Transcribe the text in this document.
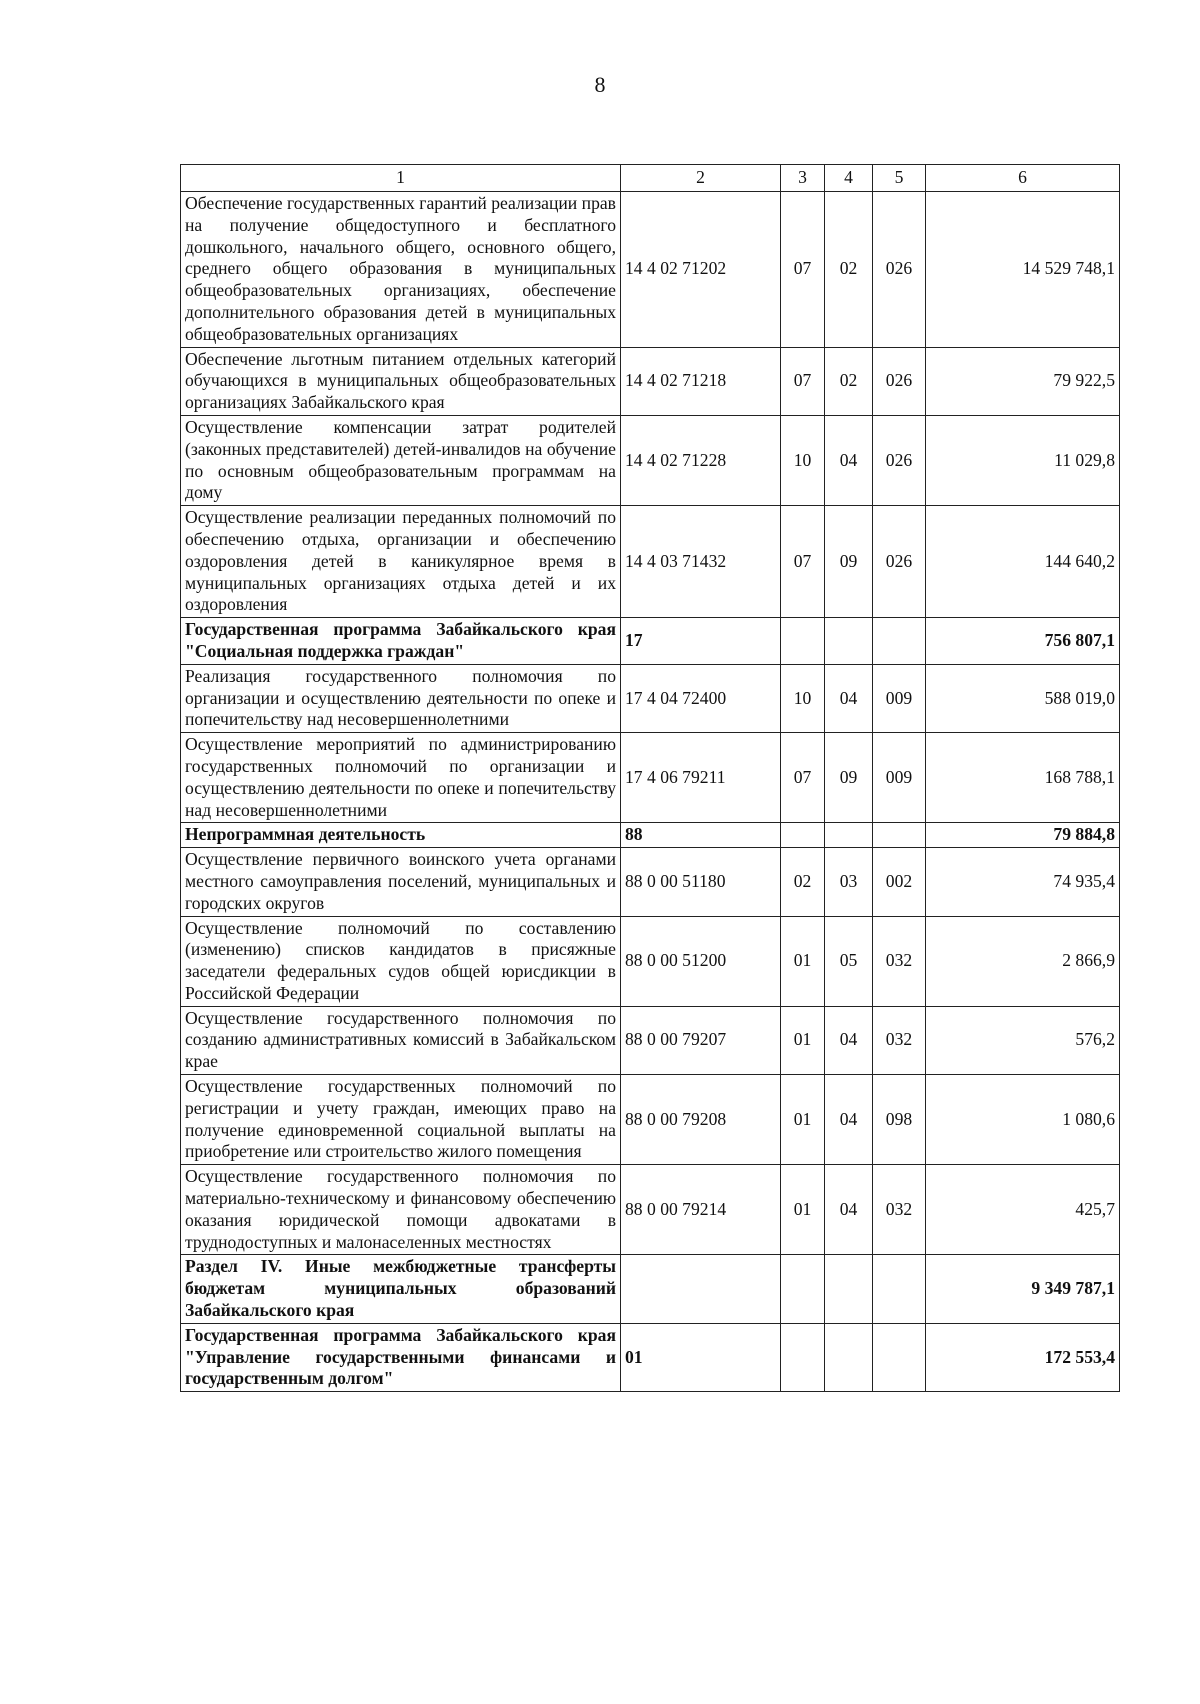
8
1	2	3	4	5	6
Обеспечение государственных гарантий реализации прав на получение общедоступного и бесплатного дошкольного, начального общего, основного общего, среднего общего образования в муниципальных общеобразовательных организациях, обеспечение дополнительного образования детей в муниципальных общеобразовательных организациях	14 4 02 71202	07	02	026	14 529 748,1
Обеспечение льготным питанием отдельных категорий обучающихся в муниципальных общеобразовательных организациях Забайкальского края	14 4 02 71218	07	02	026	79 922,5
Осуществление компенсации затрат родителей (законных представителей) детей-инвалидов на обучение по основным общеобразовательным программам на дому	14 4 02 71228	10	04	026	11 029,8
Осуществление реализации переданных полномочий по обеспечению отдыха, организации и обеспечению оздоровления детей в каникулярное время в муниципальных организациях отдыха детей и их оздоровления	14 4 03 71432	07	09	026	144 640,2
Государственная программа Забайкальского края "Социальная поддержка граждан"	17				756 807,1
Реализация государственного полномочия по организации и осуществлению деятельности по опеке и попечительству над несовершеннолетними	17 4 04 72400	10	04	009	588 019,0
Осуществление мероприятий по администрированию государственных полномочий по организации и осуществлению деятельности по опеке и попечительству над несовершеннолетними	17 4 06 79211	07	09	009	168 788,1
Непрограммная деятельность	88				79 884,8
Осуществление первичного воинского учета органами местного самоуправления поселений, муниципальных и городских округов	88 0 00 51180	02	03	002	74 935,4
Осуществление полномочий по составлению (изменению) списков кандидатов в присяжные заседатели федеральных судов общей юрисдикции в Российской Федерации	88 0 00 51200	01	05	032	2 866,9
Осуществление государственного полномочия по созданию административных комиссий в Забайкальском крае	88 0 00 79207	01	04	032	576,2
Осуществление государственных полномочий по регистрации и учету граждан, имеющих право на получение единовременной социальной выплаты на приобретение или строительство жилого помещения	88 0 00 79208	01	04	098	1 080,6
Осуществление государственного полномочия по материально-техническому и финансовому обеспечению оказания юридической помощи адвокатами в труднодоступных и малонаселенных местностях	88 0 00 79214	01	04	032	425,7
Раздел IV. Иные межбюджетные трансферты бюджетам муниципальных образований Забайкальского края					9 349 787,1
Государственная программа Забайкальского края "Управление государственными финансами и государственным долгом"	01				172 553,4
